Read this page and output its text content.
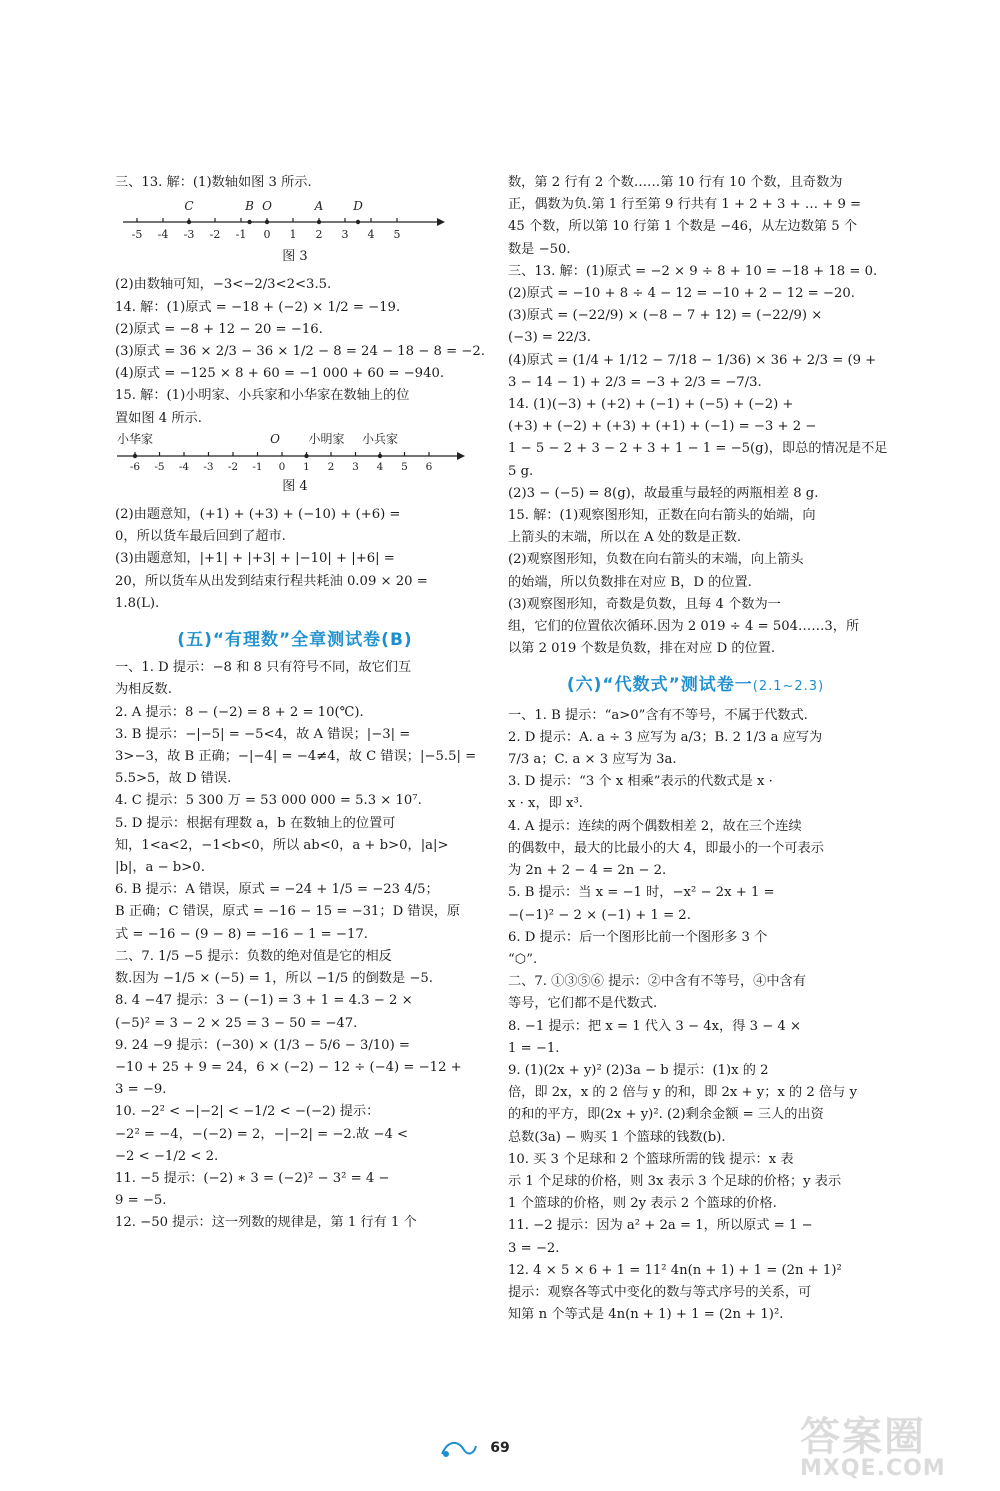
三、13. 解：(1)数轴如图 3 所示.
-5 -4 -3 -2 -1 0 1 2 3 4 5
C	B O	A D
图 3
(2)由数轴可知，−3<−2/3<2<3.5.
14. 解：(1)原式 = −18 + (−2) × 1/2 = −19.
(2)原式 = −8 + 12 − 20 = −16.
(3)原式 = 36 × 2/3 − 36 × 1/2 − 8 = 24 − 18 − 8 = −2.
(4)原式 = −125 × 8 + 60 = −1 000 + 60 = −940.
15. 解：(1)小明家、小兵家和小华家在数轴上的位
置如图 4 所示.
小华家	O 小明家 小兵家
-6 -5 -4 -3 -2 -1 0 1 2 3 4 5 6
图 4
(2)由题意知，(+1) + (+3) + (−10) + (+6) =
0，所以货车最后回到了超市.
(3)由题意知，|+1| + |+3| + |−10| + |+6| =
20，所以货车从出发到结束行程共耗油 0.09 × 20 =
1.8(L).
(五)“有理数”全章测试卷(B)
一、1. D 提示：−8 和 8 只有符号不同，故它们互
为相反数.
2. A 提示：8 − (−2) = 8 + 2 = 10(℃).
3. B 提示：−|−5| = −5<4，故 A 错误；|−3| =
3>−3，故 B 正确；−|−4| = −4≠4，故 C 错误；|−5.5| =
5.5>5，故 D 错误.
4. C 提示：5 300 万 = 53 000 000 = 5.3 × 10⁷.
5. D 提示：根据有理数 a，b 在数轴上的位置可
知，1<a<2，−1<b<0，所以 ab<0，a + b>0，|a|>
|b|，a − b>0.
6. B 提示：A 错误，原式 = −24 + 1/5 = −23 4/5；
B 正确；C 错误，原式 = −16 − 15 = −31；D 错误，原
式 = −16 − (9 − 8) = −16 − 1 = −17.
二、7. 1/5 −5 提示：负数的绝对值是它的相反
数.因为 −1/5 × (−5) = 1，所以 −1/5 的倒数是 −5.
8. 4 −47 提示：3 − (−1) = 3 + 1 = 4.3 − 2 ×
(−5)² = 3 − 2 × 25 = 3 − 50 = −47.
9. 24 −9 提示：(−30) × (1/3 − 5/6 − 3/10) =
−10 + 25 + 9 = 24，6 × (−2) − 12 ÷ (−4) = −12 +
3 = −9.
10. −2² < −|−2| < −1/2 < −(−2) 提示：
−2² = −4，−(−2) = 2，−|−2| = −2.故 −4 <
−2 < −1/2 < 2.
11. −5 提示：(−2) ∗ 3 = (−2)² − 3² = 4 −
9 = −5.
12. −50 提示：这一列数的规律是，第 1 行有 1 个
数，第 2 行有 2 个数……第 10 行有 10 个数，且奇数为
正，偶数为负.第 1 行至第 9 行共有 1 + 2 + 3 + … + 9 =
45 个数，所以第 10 行第 1 个数是 −46，从左边数第 5 个
数是 −50.
三、13. 解：(1)原式 = −2 × 9 ÷ 8 + 10 = −18 + 18 = 0.
(2)原式 = −10 + 8 ÷ 4 − 12 = −10 + 2 − 12 = −20.
(3)原式 = (−22/9) × (−8 − 7 + 12) = (−22/9) ×
(−3) = 22/3.
(4)原式 = (1/4 + 1/12 − 7/18 − 1/36) × 36 + 2/3 = (9 +
3 − 14 − 1) + 2/3 = −3 + 2/3 = −7/3.
14. (1)(−3) + (+2) + (−1) + (−5) + (−2) +
(+3) + (−2) + (+3) + (+1) + (−1) = −3 + 2 −
1 − 5 − 2 + 3 − 2 + 3 + 1 − 1 = −5(g)，即总的情况是不足
5 g.
(2)3 − (−5) = 8(g)，故最重与最轻的两瓶相差 8 g.
15. 解：(1)观察图形知，正数在向右箭头的始端，向
上箭头的末端，所以在 A 处的数是正数.
(2)观察图形知，负数在向右箭头的末端，向上箭头
的始端，所以负数排在对应 B，D 的位置.
(3)观察图形知，奇数是负数，且每 4 个数为一
组，它们的位置依次循环.因为 2 019 ÷ 4 = 504……3，所
以第 2 019 个数是负数，排在对应 D 的位置.
(六)“代数式”测试卷一(2.1~2.3)
一、1. B 提示：“a>0”含有不等号，不属于代数式.
2. D 提示：A. a ÷ 3 应写为 a/3；B. 2 1/3 a 应写为
7/3 a；C. a × 3 应写为 3a.
3. D 提示：“3 个 x 相乘”表示的代数式是 x ·
x · x，即 x³.
4. A 提示：连续的两个偶数相差 2，故在三个连续
的偶数中，最大的比最小的大 4，即最小的一个可表示
为 2n + 2 − 4 = 2n − 2.
5. B 提示：当 x = −1 时，−x² − 2x + 1 =
−(−1)² − 2 × (−1) + 1 = 2.
6. D 提示：后一个图形比前一个图形多 3 个
“⬡”.
二、7. ①③⑤⑥ 提示：②中含有不等号，④中含有
等号，它们都不是代数式.
8. −1 提示：把 x = 1 代入 3 − 4x，得 3 − 4 ×
1 = −1.
9. (1)(2x + y)² (2)3a − b 提示：(1)x 的 2
倍，即 2x，x 的 2 倍与 y 的和，即 2x + y；x 的 2 倍与 y
的和的平方，即(2x + y)². (2)剩余金额 = 三人的出资
总数(3a) − 购买 1 个篮球的钱数(b).
10. 买 3 个足球和 2 个篮球所需的钱 提示：x 表
示 1 个足球的价格，则 3x 表示 3 个足球的价格；y 表示
1 个篮球的价格，则 2y 表示 2 个篮球的价格.
11. −2 提示：因为 a² + 2a = 1，所以原式 = 1 −
3 = −2.
12. 4 × 5 × 6 + 1 = 11² 4n(n + 1) + 1 = (2n + 1)²
提示：观察各等式中变化的数与等式序号的关系，可
知第 n 个等式是 4n(n + 1) + 1 = (2n + 1)².
69	答案圈
MXQE.COM
